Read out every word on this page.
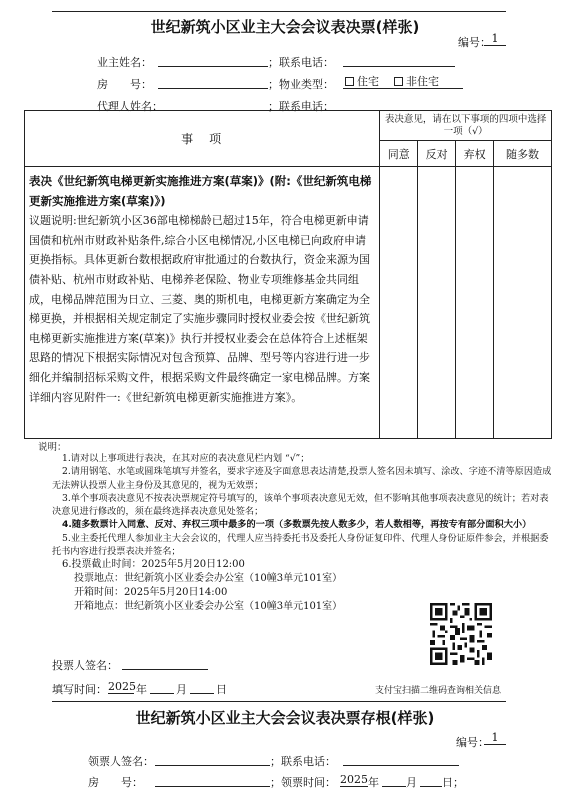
世纪新筑小区业主大会会议表决票(样张)
编号： 1
业主姓名：	；联系电话：
房　　号：	；物业类型：	住宅 非住宅
代理人姓名：	；联系电话：
事　项	表决意见，请在以下事项的四项中选择一项（√）			
	同意	反对	弃权	随多数

表决《世纪新筑电梯更新实施推进方案(草案)》(附:《世纪新筑电梯更新实施推进方案(草案)》)
议题说明:世纪新筑小区36部电梯梯龄已超过15年，符合电梯更新申请国债和杭州市财政补贴条件,综合小区电梯情况,小区电梯已向政府申请更换指标。具体更新台数根据政府审批通过的台数执行，资金来源为国债补贴、杭州市财政补贴、电梯养老保险、物业专项维修基金共同组成，电梯品牌范围为日立、三菱、奥的斯机电，电梯更新方案确定为全梯更换，并根据相关规定制定了实施步骤同时授权业委会按《世纪新筑电梯更新实施推进方案(草案)》执行并授权业委会在总体符合上述框架思路的情况下根据实际情况对包含预算、品牌、型号等内容进行进一步细化并编制招标采购文件，根据采购文件最终确定一家电梯品牌。方案详细内容见附件一:《世纪新筑电梯更新实施推进方案》。				

说明：
1.请对以上事项进行表决，在其对应的表决意见栏内划 “√”；
2.请用钢笔、水笔或圆珠笔填写并签名，要求字迹及字面意思表达清楚,投票人签名因未填写、涂改、字迹不清等原因造成无法辨认投票人业主身份及其意见的，视为无效票；
3.单个事项表决意见不按表决票规定符号填写的，该单个事项表决意见无效，但不影响其他事项表决意见的统计；若对表决意见进行修改的，须在最终选择表决意见处签名；
4.随多数票计入同意、反对、弃权三项中最多的一项（多数票先按人数多少，若人数相等，再按专有部分面积大小）
5.业主委托代理人参加业主大会会议的，代理人应当持委托书及委托人身份证复印件、代理人身份证原件参会，并根据委托书内容进行投票表决并签名；
6.投票截止时间：2025年5月20日12:00
投票地点：世纪新筑小区业委会办公室（10幢3单元101室）
开箱时间：2025年5月20日14:00
开箱地点：世纪新筑小区业委会办公室（10幢3单元101室）
投票人签名：
填写时间： 2025 年	月	日	支付宝扫描二维码查询相关信息
世纪新筑小区业主大会会议表决票存根(样张)
编号： 1
领票人签名：	；联系电话：
房　　号：	；领票时间： 2025 年 月 日；
